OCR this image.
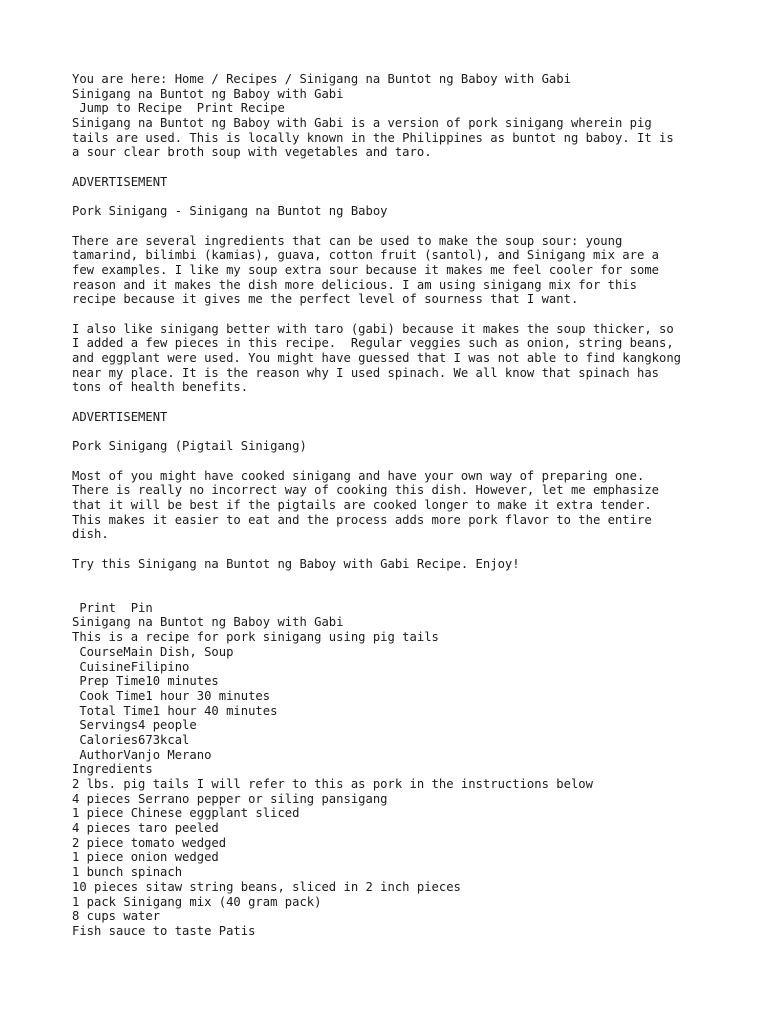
You are here: Home / Recipes / Sinigang na Buntot ng Baboy with Gabi
Sinigang na Buntot ng Baboy with Gabi
Jump to Recipe  Print Recipe
Sinigang na Buntot ng Baboy with Gabi is a version of pork sinigang wherein pig
tails are used. This is locally known in the Philippines as buntot ng baboy. It is
a sour clear broth soup with vegetables and taro.
ADVERTISEMENT
Pork Sinigang - Sinigang na Buntot ng Baboy
There are several ingredients that can be used to make the soup sour: young
tamarind, bilimbi (kamias), guava, cotton fruit (santol), and Sinigang mix are a
few examples. I like my soup extra sour because it makes me feel cooler for some
reason and it makes the dish more delicious. I am using sinigang mix for this
recipe because it gives me the perfect level of sourness that I want.
I also like sinigang better with taro (gabi) because it makes the soup thicker, so
I added a few pieces in this recipe.  Regular veggies such as onion, string beans,
and eggplant were used. You might have guessed that I was not able to find kangkong
near my place. It is the reason why I used spinach. We all know that spinach has
tons of health benefits.
ADVERTISEMENT
Pork Sinigang (Pigtail Sinigang)
Most of you might have cooked sinigang and have your own way of preparing one.
There is really no incorrect way of cooking this dish. However, let me emphasize
that it will be best if the pigtails are cooked longer to make it extra tender.
This makes it easier to eat and the process adds more pork flavor to the entire
dish.
Try this Sinigang na Buntot ng Baboy with Gabi Recipe. Enjoy!
Print  Pin
Sinigang na Buntot ng Baboy with Gabi
This is a recipe for pork sinigang using pig tails
CourseMain Dish, Soup
CuisineFilipino
Prep Time10 minutes
Cook Time1 hour 30 minutes
Total Time1 hour 40 minutes
Servings4 people
Calories673kcal
AuthorVanjo Merano
Ingredients
2 lbs. pig tails I will refer to this as pork in the instructions below
4 pieces Serrano pepper or siling pansigang
1 piece Chinese eggplant sliced
4 pieces taro peeled
2 piece tomato wedged
1 piece onion wedged
1 bunch spinach
10 pieces sitaw string beans, sliced in 2 inch pieces
1 pack Sinigang mix (40 gram pack)
8 cups water
Fish sauce to taste Patis
